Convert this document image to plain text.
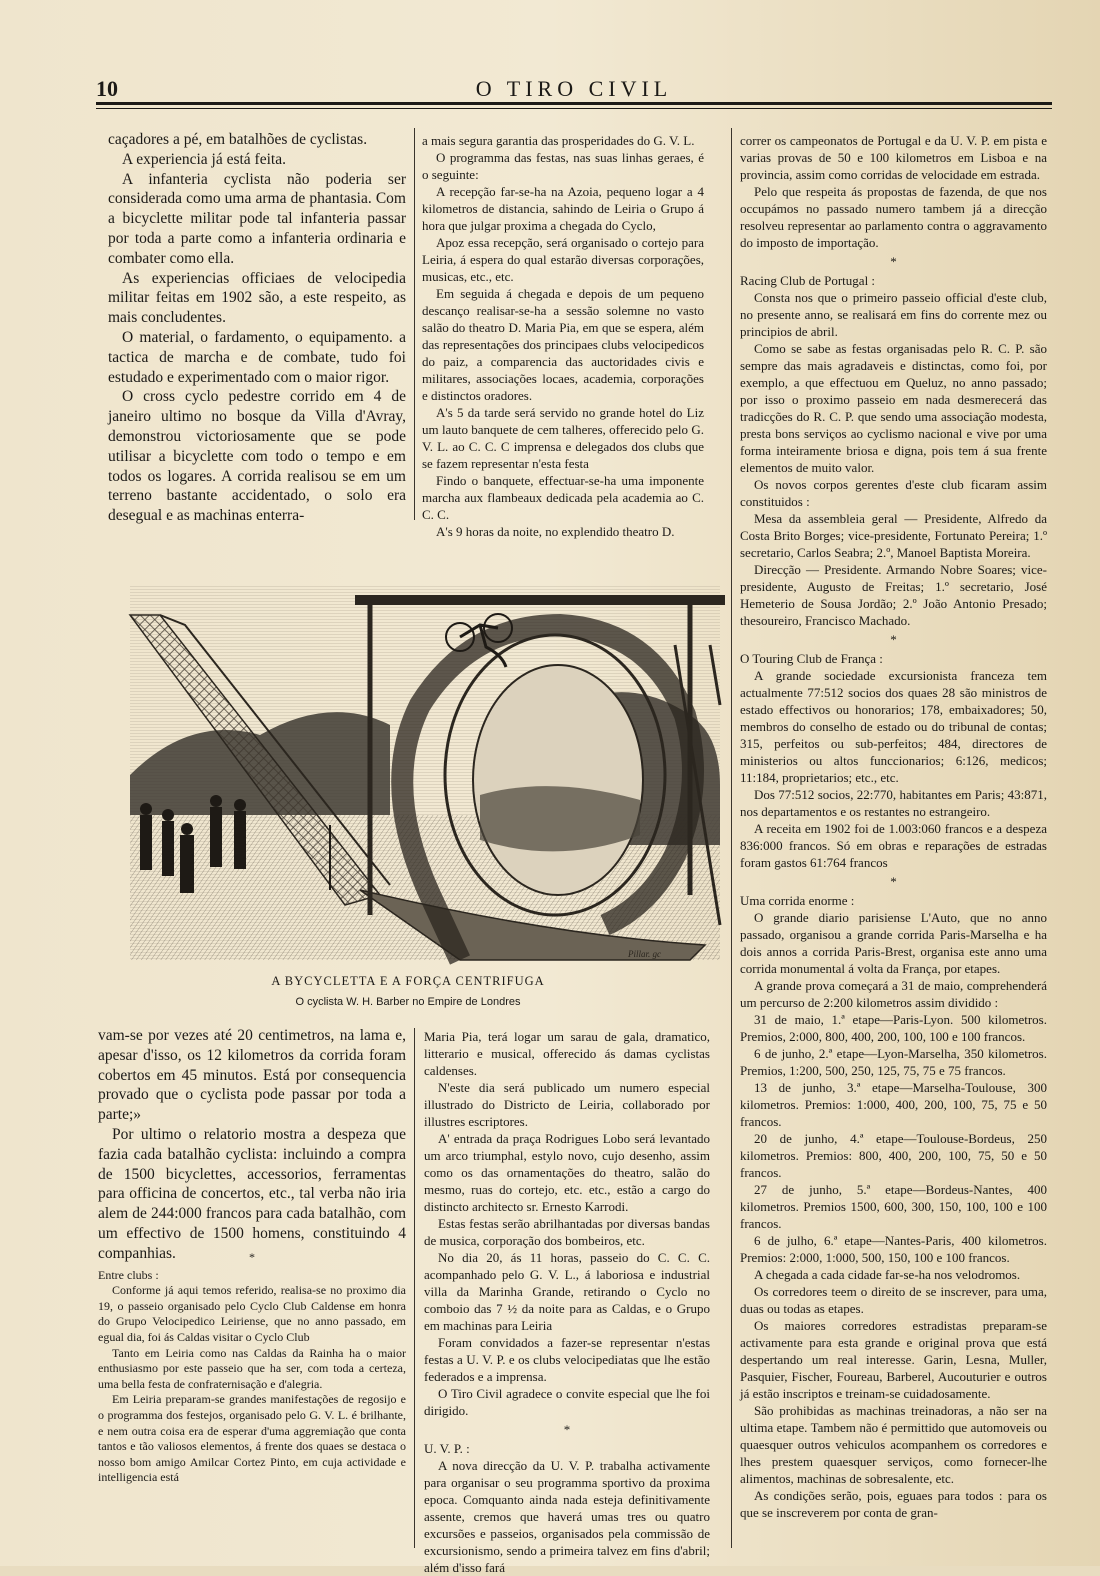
10	O TIRO CIVIL

caçadores a pé, em batalhões de cyclistas.

A experiencia já está feita.

A infanteria cyclista não poderia ser considerada como uma arma de phantasia. Com a bicyclette militar pode tal infanteria passar por toda a parte como a infanteria ordinaria e combater como ella.

As experiencias officiaes de velocipedia militar feitas em 1902 são, a este respeito, as mais concludentes.

O material, o fardamento, o equipamento. a tactica de marcha e de combate, tudo foi estudado e experimentado com o maior rigor.

O cross cyclo pedestre corrido em 4 de janeiro ultimo no bosque da Villa d'Avray, demonstrou victoriosamente que se pode utilisar a bicyclette com todo o tempo e em todos os logares. A corrida realisou se em um terreno bastante accidentado, o solo era desegual e as machinas enterra-

a mais segura garantia das prosperidades do G. V. L.

O programma das festas, nas suas linhas geraes, é o seguinte:

A recepção far-se-ha na Azoia, pequeno logar a 4 kilometros de distancia, sahindo de Leiria o Grupo á hora que julgar proxima a chegada do Cyclo,

Apoz essa recepção, será organisado o cortejo para Leiria, á espera do qual estarão diversas corporações, musicas, etc., etc.

Em seguida á chegada e depois de um pequeno descanço realisar-se-ha a sessão solemne no vasto salão do theatro D. Maria Pia, em que se espera, além das representações dos principaes clubs velocipedicos do paiz, a comparencia das auctoridades civis e militares, associações locaes, academia, corporações e distinctos oradores.

A's 5 da tarde será servido no grande hotel do Liz um lauto banquete de cem talheres, offerecido pelo G. V. L. ao C. C. C imprensa e delegados dos clubs que se fazem representar n'esta festa

Findo o banquete, effectuar-se-ha uma imponente marcha aux flambeaux dedicada pela academia ao C. C. C.

A's 9 horas da noite, no explendido theatro D.

correr os campeonatos de Portugal e da U. V. P. em pista e varias provas de 50 e 100 kilometros em Lisboa e na provincia, assim como corridas de velocidade em estrada.

Pelo que respeita ás propostas de fazenda, de que nos occupámos no passado numero tambem já a direcção resolveu representar ao parlamento contra o aggravamento do imposto de importação.

*

Racing Club de Portugal :

Consta nos que o primeiro passeio official d'este club, no presente anno, se realisará em fins do corrente mez ou principios de abril.

Como se sabe as festas organisadas pelo R. C. P. são sempre das mais agradaveis e distinctas, como foi, por exemplo, a que effectuou em Queluz, no anno passado; por isso o proximo passeio em nada desmerecerá das tradicções do R. C. P. que sendo uma associação modesta, presta bons serviços ao cyclismo nacional e vive por uma forma inteiramente briosa e digna, pois tem á sua frente elementos de muito valor.

Os novos corpos gerentes d'este club ficaram assim constituidos :

Mesa da assembleia geral — Presidente, Alfredo da Costa Brito Borges; vice-presidente, Fortunato Pereira; 1.º secretario, Carlos Seabra; 2.º, Manoel Baptista Moreira.

Direcção — Presidente. Armando Nobre Soares; vice-presidente, Augusto de Freitas; 1.º secretario, José Hemeterio de Sousa Jordão; 2.º João Antonio Presado; thesoureiro, Francisco Machado.

*

O Touring Club de França :

A grande sociedade excursionista franceza tem actualmente 77:512 socios dos quaes 28 são ministros de estado effectivos ou honorarios; 178, embaixadores; 50, membros do conselho de estado ou do tribunal de contas; 315, perfeitos ou sub-perfeitos; 484, directores de ministerios ou altos funccionarios; 6:126, medicos; 11:184, proprietarios; etc., etc.

Dos 77:512 socios, 22:770, habitantes em Paris; 43:871, nos departamentos e os restantes no estrangeiro.

A receita em 1902 foi de 1.003:060 francos e a despeza 836:000 francos. Só em obras e reparações de estradas foram gastos 61:764 francos

*

Uma corrida enorme :

O grande diario parisiense L'Auto, que no anno passado, organisou a grande corrida Paris-Marselha e ha dois annos a corrida Paris-Brest, organisa este anno uma corrida monumental á volta da França, por etapes.

A grande prova começará a 31 de maio, comprehenderá um percurso de 2:200 kilometros assim dividido :

31 de maio, 1.ª etape—Paris-Lyon. 500 kilometros. Premios, 2:000, 800, 400, 200, 100, 100 e 100 francos.

6 de junho, 2.ª etape—Lyon-Marselha, 350 kilometros. Premios, 1:200, 500, 250, 125, 75, 75 e 75 francos.

13 de junho, 3.ª etape—Marselha-Toulouse, 300 kilometros. Premios: 1:000, 400, 200, 100, 75, 75 e 50 francos.

20 de junho, 4.ª etape—Toulouse-Bordeus, 250 kilometros. Premios: 800, 400, 200, 100, 75, 50 e 50 francos.

27 de junho, 5.ª etape—Bordeus-Nantes, 400 kilometros. Premios 1500, 600, 300, 150, 100, 100 e 100 francos.

6 de julho, 6.ª etape—Nantes-Paris, 400 kilometros. Premios: 2:000, 1:000, 500, 150, 100 e 100 francos.

A chegada a cada cidade far-se-ha nos velodromos.

Os corredores teem o direito de se inscrever, para uma, duas ou todas as etapes.

Os maiores corredores estradistas preparam-se activamente para esta grande e original prova que está despertando um real interesse. Garin, Lesna, Muller, Pasquier, Fischer, Foureau, Barberel, Aucouturier e outros já estão inscriptos e treinam-se cuidadosamente.

São prohibidas as machinas treinadoras, a não ser na ultima etape. Tambem não é permittido que automoveis ou quaesquer outros vehiculos acompanhem os corredores e lhes prestem quaesquer serviços, como fornecer-lhe alimentos, machinas de sobresalente, etc.

As condições serão, pois, eguaes para todos : para os que se inscreverem por conta de gran-

Pillar. gc
A BYCYCLETTA E A FORÇA CENTRIFUGA
O cyclista W. H. Barber no Empire de Londres

vam-se por vezes até 20 centimetros, na lama e, apesar d'isso, os 12 kilometros da corrida foram cobertos em 45 minutos. Está por consequencia provado que o cyclista pode passar por toda a parte;»

Por ultimo o relatorio mostra a despeza que fazia cada batalhão cyclista: incluindo a compra de 1500 bicyclettes, accessorios, ferramentas para officina de concertos, etc., tal verba não iria alem de 244:000 francos para cada batalhão, com um effectivo de 1500 homens, constituindo 4 companhias.	*

Entre clubs :

Conforme já aqui temos referido, realisa-se no proximo dia 19, o passeio organisado pelo Cyclo Club Caldense em honra do Grupo Velocipedico Leiriense, que no anno passado, em egual dia, foi ás Caldas visitar o Cyclo Club

Tanto em Leiria como nas Caldas da Rainha ha o maior enthusiasmo por este passeio que ha ser, com toda a certeza, uma bella festa de confraternisação e d'alegria.

Em Leiria preparam-se grandes manifestações de regosijo e o programma dos festejos, organisado pelo G. V. L. é brilhante, e nem outra coisa era de esperar d'uma aggremiação que conta tantos e tão valiosos elementos, á frente dos quaes se destaca o nosso bom amigo Amilcar Cortez Pinto, em cuja actividade e intelligencia está

Maria Pia, terá logar um sarau de gala, dramatico, litterario e musical, offerecido ás damas cyclistas caldenses.

N'este dia será publicado um numero especial illustrado do Districto de Leiria, collaborado por illustres escriptores.

A' entrada da praça Rodrigues Lobo será levantado um arco triumphal, estylo novo, cujo desenho, assim como os das ornamentações do theatro, salão do mesmo, ruas do cortejo, etc. etc., estão a cargo do distincto architecto sr. Ernesto Karrodi.

Estas festas serão abrilhantadas por diversas bandas de musica, corporação dos bombeiros, etc.

No dia 20, ás 11 horas, passeio do C. C. C. acompanhado pelo G. V. L., á laboriosa e industrial villa da Marinha Grande, retirando o Cyclo no comboio das 7 ½ da noite para as Caldas, e o Grupo em machinas para Leiria

Foram convidados a fazer-se representar n'estas festas a U. V. P. e os clubs velocipediatas que lhe estão federados e a imprensa.

O Tiro Civil agradece o convite especial que lhe foi dirigido.

*

U. V. P. :

A nova direcção da U. V. P. trabalha activamente para organisar o seu programma sportivo da proxima epoca. Comquanto ainda nada esteja definitivamente assente, cremos que haverá umas tres ou quatro excursões e passeios, organisados pela commissão de excursionismo, sendo a primeira talvez em fins d'abril; além d'isso fará
